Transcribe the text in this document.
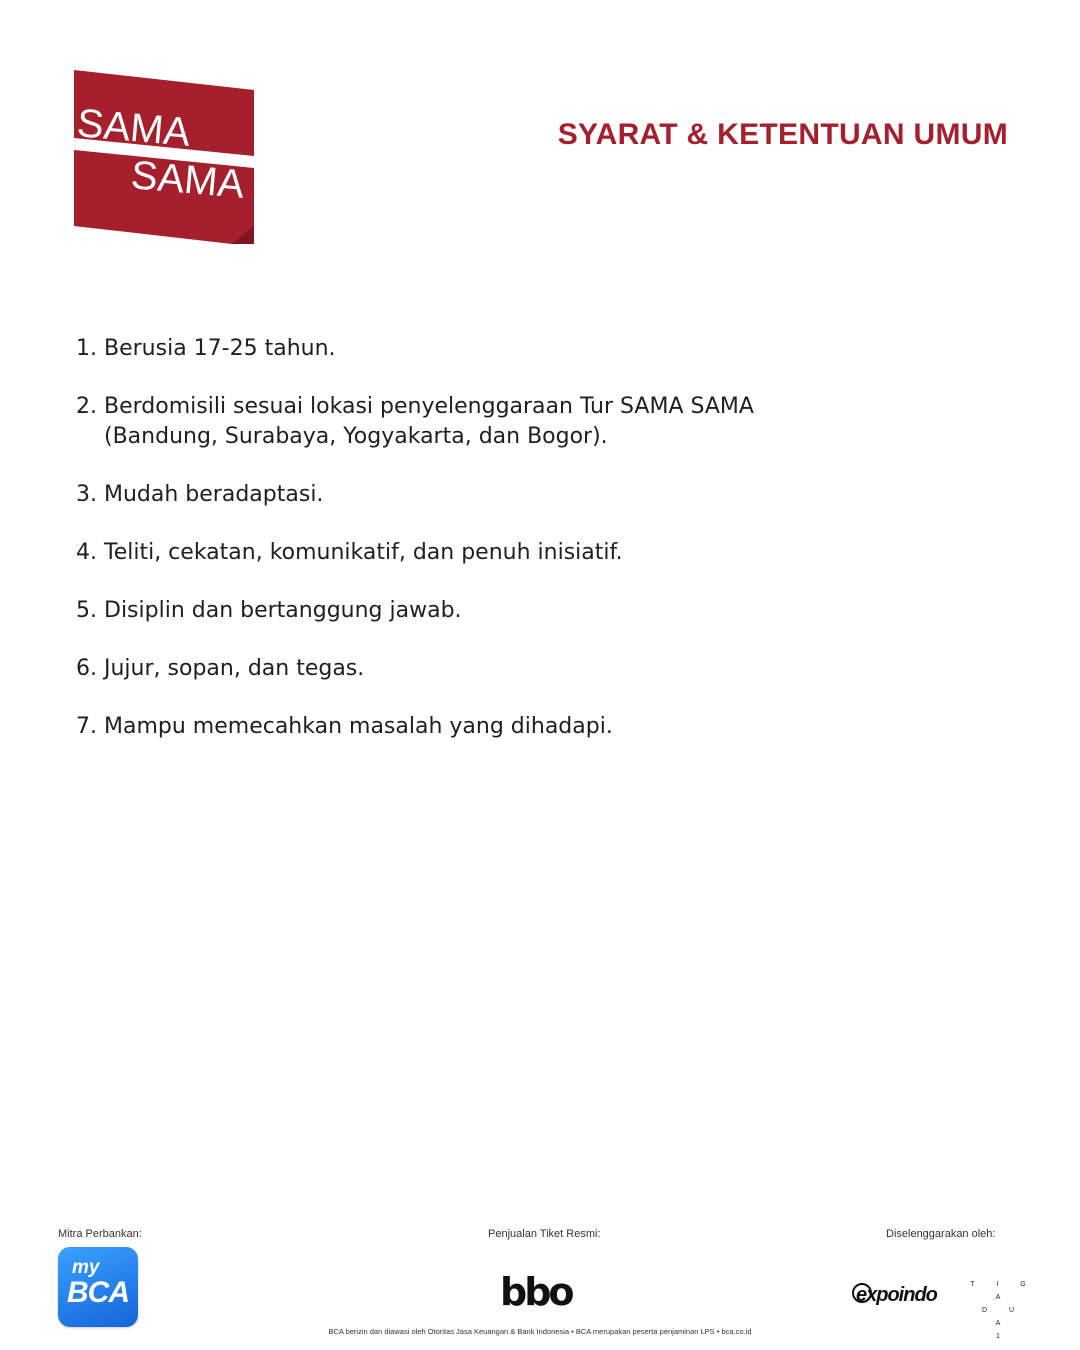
SAMA
SAMA
SYARAT & KETENTUAN UMUM
1. Berusia 17-25 tahun.
2. Berdomisili sesuai lokasi penyelenggaraan Tur SAMA SAMA
(Bandung, Surabaya, Yogyakarta, dan Bogor).
3. Mudah beradaptasi.
4. Teliti, cekatan, komunikatif, dan penuh inisiatif.
5. Disiplin dan bertanggung jawab.
6. Jujur, sopan, dan tegas.
7. Mampu memecahkan masalah yang dihadapi.
Mitra Perbankan:	Penjualan Tiket Resmi:	Diselenggarakan oleh:
my
BCA	bbo	expoindo	T I G A
D U A
1
BCA berizin dan diawasi oleh Otoritas Jasa Keuangan & Bank Indonesia • BCA merupakan peserta penjaminan LPS • bca.co.id
